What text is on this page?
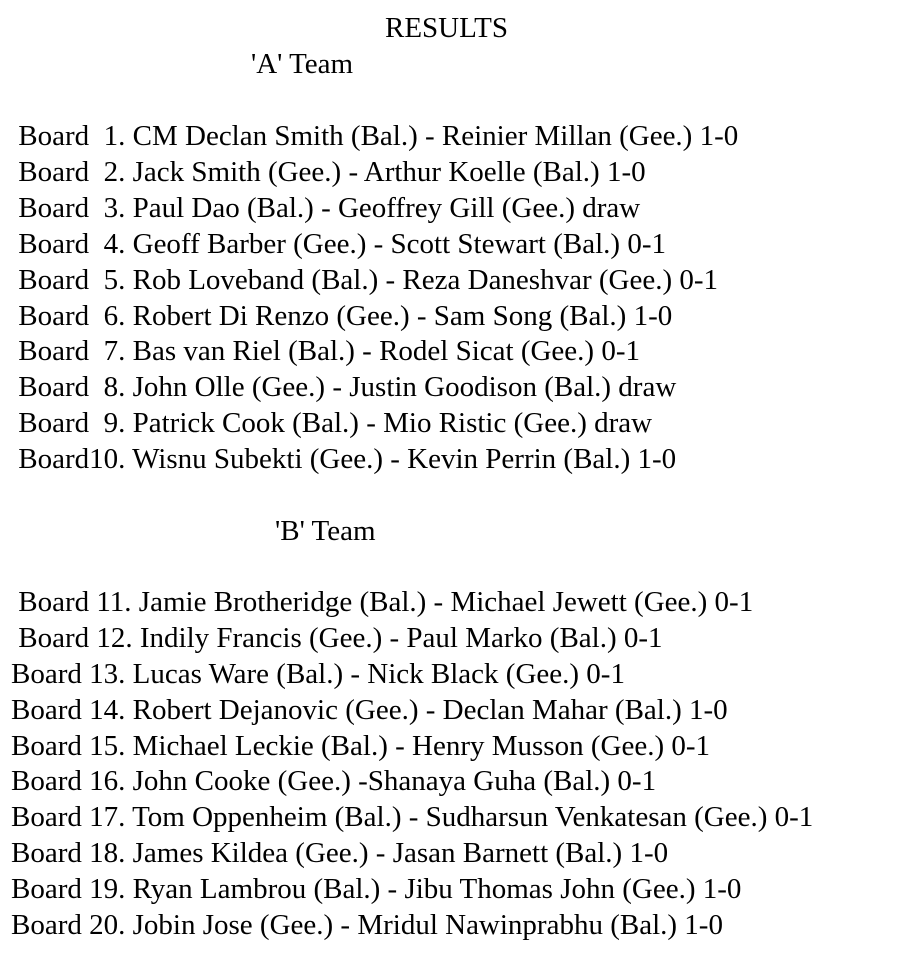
RESULTS
'A' Team
Board  1. CM Declan Smith (Bal.) - Reinier Millan (Gee.) 1-0
Board  2. Jack Smith (Gee.) - Arthur Koelle (Bal.) 1-0
Board  3. Paul Dao (Bal.) - Geoffrey Gill (Gee.) draw
Board  4. Geoff Barber (Gee.) - Scott Stewart (Bal.) 0-1
Board  5. Rob Loveband (Bal.) - Reza Daneshvar (Gee.) 0-1
Board  6. Robert Di Renzo (Gee.) - Sam Song (Bal.) 1-0
Board  7. Bas van Riel (Bal.) - Rodel Sicat (Gee.) 0-1
Board  8. John Olle (Gee.) - Justin Goodison (Bal.) draw
Board  9. Patrick Cook (Bal.) - Mio Ristic (Gee.) draw
Board10. Wisnu Subekti (Gee.) - Kevin Perrin (Bal.) 1-0
'B' Team
Board 11. Jamie Brotheridge (Bal.) - Michael Jewett (Gee.) 0-1
Board 12. Indily Francis (Gee.) - Paul Marko (Bal.) 0-1
Board 13. Lucas Ware (Bal.) - Nick Black (Gee.) 0-1
Board 14. Robert Dejanovic (Gee.) - Declan Mahar (Bal.) 1-0
Board 15. Michael Leckie (Bal.) - Henry Musson (Gee.) 0-1
Board 16. John Cooke (Gee.) -Shanaya Guha (Bal.) 0-1
Board 17. Tom Oppenheim (Bal.) - Sudharsun Venkatesan (Gee.) 0-1
Board 18. James Kildea (Gee.) - Jasan Barnett (Bal.) 1-0
Board 19. Ryan Lambrou (Bal.) - Jibu Thomas John (Gee.) 1-0
Board 20. Jobin Jose (Gee.) - Mridul Nawinprabhu (Bal.) 1-0
